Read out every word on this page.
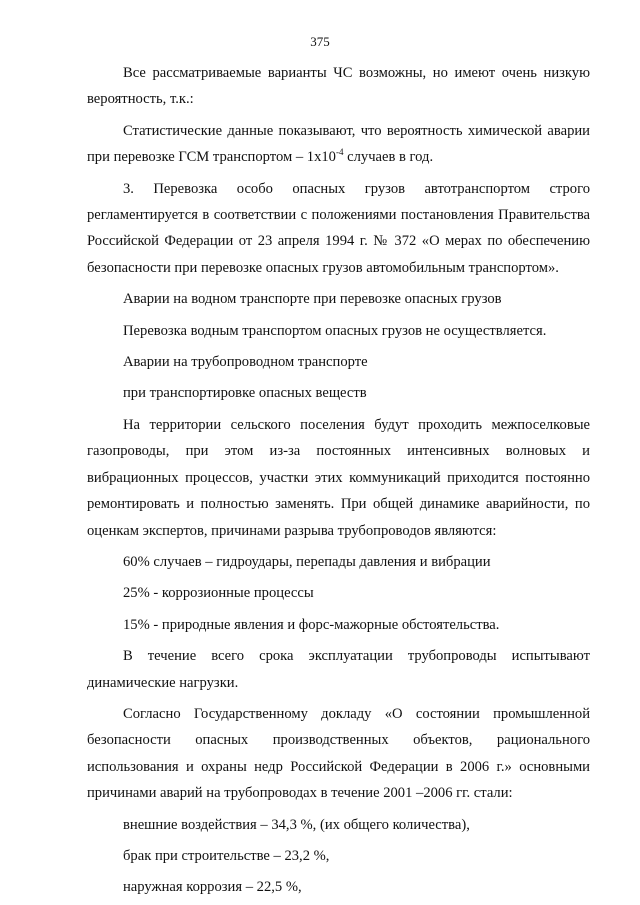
375

Все рассматриваемые варианты ЧС возможны, но имеют очень низкую вероятность, т.к.:

Статистические данные показывают, что вероятность химической аварии при перевозке ГСМ транспортом – $1х10^{-4}$ случаев в год.

3. Перевозка особо опасных грузов автотранспортом строго регламентируется в соответствии с положениями постановления Правительства Российской Федерации от 23 апреля 1994 г. № 372 «О мерах по обеспечению безопасности при перевозке опасных грузов автомобильным транспортом».

Аварии на водном транспорте при перевозке опасных грузов

Перевозка водным транспортом опасных грузов не осуществляется.

Аварии на трубопроводном транспорте

при транспортировке опасных веществ

На территории сельского поселения будут проходить межпоселковые газопроводы, при этом из-за постоянных интенсивных волновых и вибрационных процессов, участки этих коммуникаций приходится постоянно ремонтировать и полностью заменять. При общей динамике аварийности, по оценкам экспертов, причинами разрыва трубопроводов являются:

60% случаев – гидроудары, перепады давления и вибрации

25% - коррозионные процессы

15% - природные явления и форс-мажорные обстоятельства.

В течение всего срока эксплуатации трубопроводы испытывают динамические нагрузки.

Согласно Государственному докладу «О состоянии промышленной безопасности опасных производственных объектов, рационального использования и охраны недр Российской Федерации в 2006 г.» основными причинами аварий на трубопроводах в течение 2001 –2006 гг. стали:

внешние воздействия – 34,3 %, (их общего количества),

брак при строительстве – 23,2 %,

наружная коррозия – 22,5 %,
